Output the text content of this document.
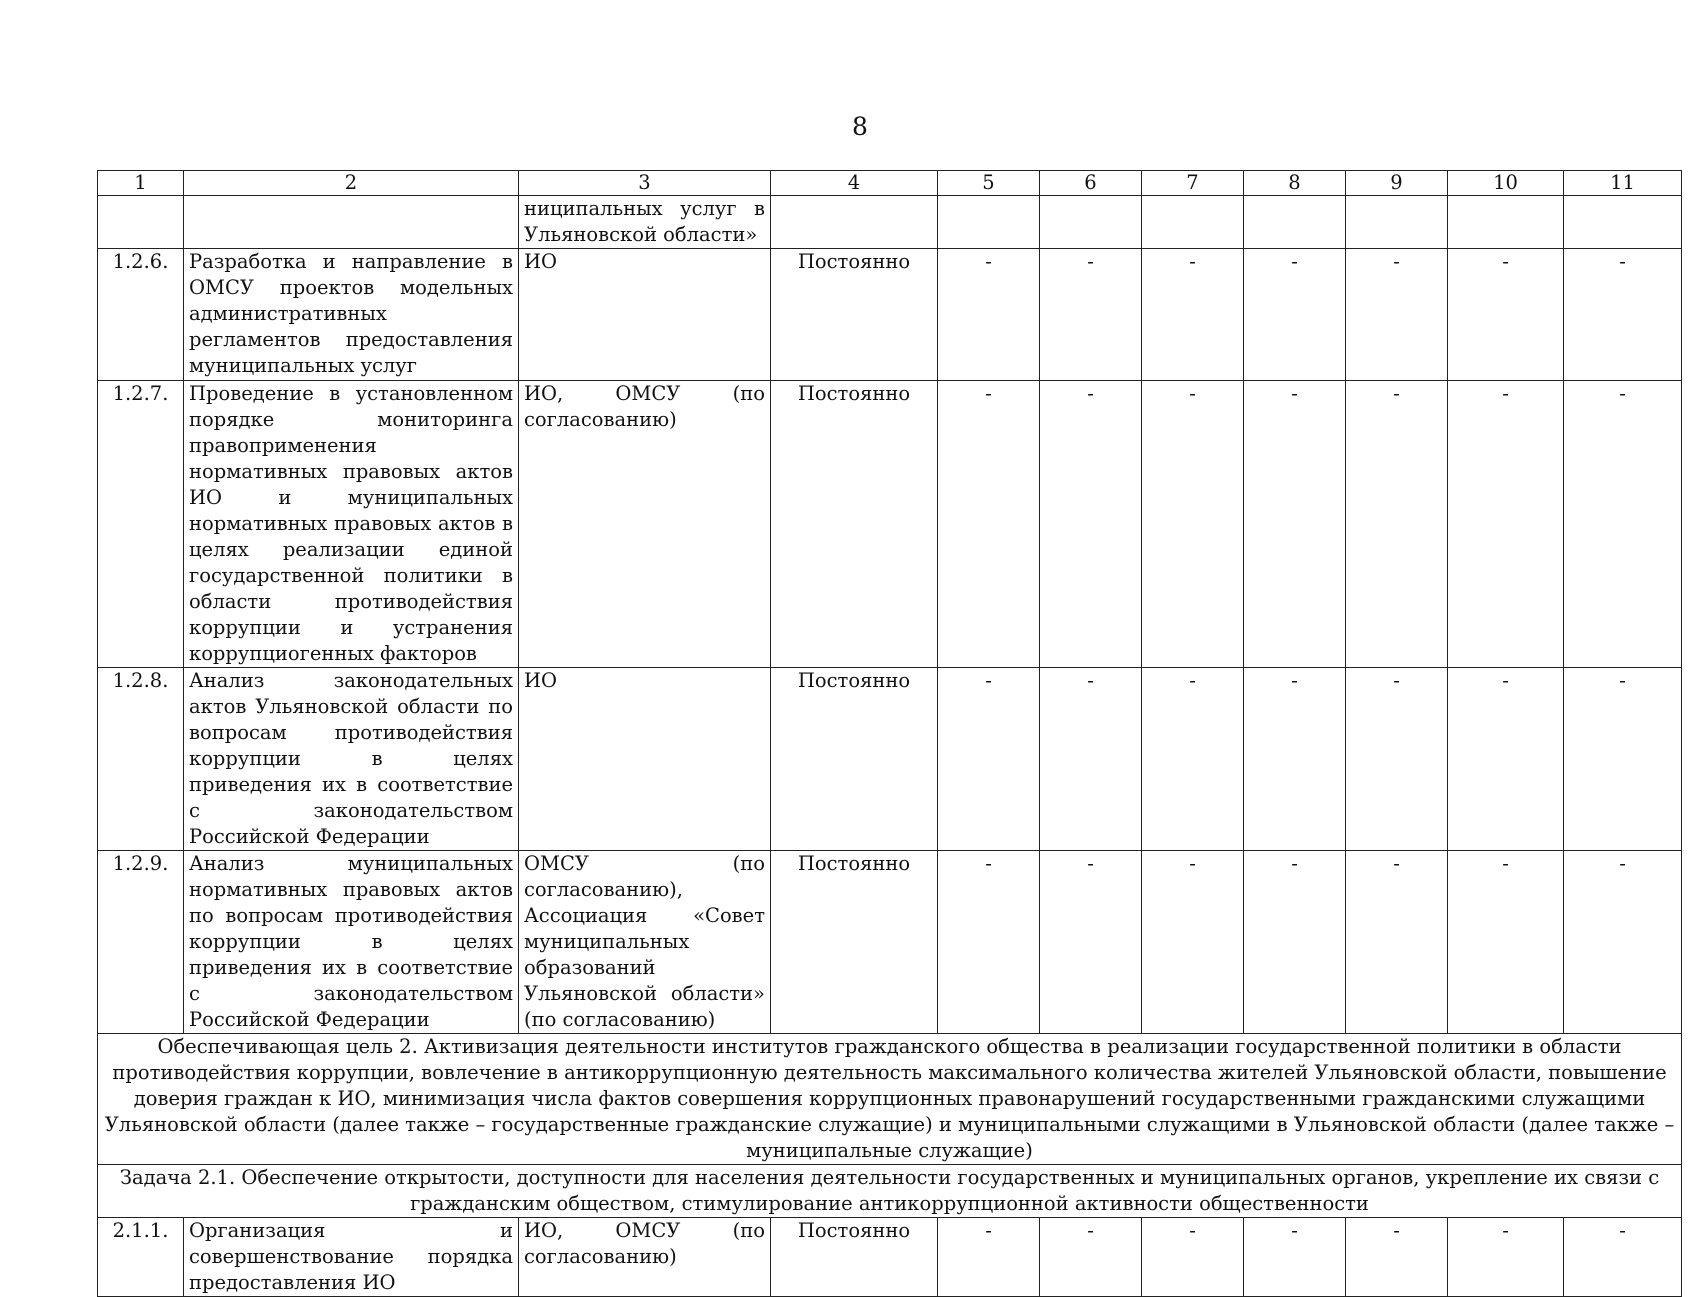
8
1	2	3	4	5	6	7	8	9	10	11
		ниципальных услуг в Ульяновской области»								
1.2.6.	Разработка и направление в ОМСУ проектов модельных административных регламентов предоставления муниципальных услуг	ИО	Постоянно	-	-	-	-	-	-	-
1.2.7.	Проведение в установленном порядке мониторинга правоприменения нормативных правовых актов ИО и муниципальных нормативных правовых актов в целях реализации единой государственной политики в области противодействия коррупции и устранения коррупциогенных факторов	ИО, ОМСУ (по согласованию)	Постоянно	-	-	-	-	-	-	-
1.2.8.	Анализ законодательных актов Ульяновской области по вопросам противодействия коррупции в целях приведения их в соответствие с законодательством Российской Федерации	ИО	Постоянно	-	-	-	-	-	-	-
1.2.9.	Анализ муниципальных нормативных правовых актов по вопросам противодействия коррупции в целях приведения их в соответствие с законодательством Российской Федерации	ОМСУ (по согласованию), Ассоциация «Совет муниципальных образований Ульяновской области» (по согласованию)	Постоянно	-	-	-	-	-	-	-
Обеспечивающая цель 2. Активизация деятельности институтов гражданского общества в реализации государственной политики в области противодействия коррупции, вовлечение в антикоррупционную деятельность максимального количества жителей Ульяновской области, повышение доверия граждан к ИО, минимизация числа фактов совершения коррупционных правонарушений государственными гражданскими служащими Ульяновской области (далее также – государственные гражданские служащие) и муниципальными служащими в Ульяновской области (далее также – муниципальные служащие)										
Задача 2.1. Обеспечение открытости, доступности для населения деятельности государственных и муниципальных органов, укрепление их связи с гражданским обществом, стимулирование антикоррупционной активности общественности										
2.1.1.	Организация и совершенствование порядка предоставления ИО	ИО, ОМСУ (по согласованию)	Постоянно	-	-	-	-	-	-	-
